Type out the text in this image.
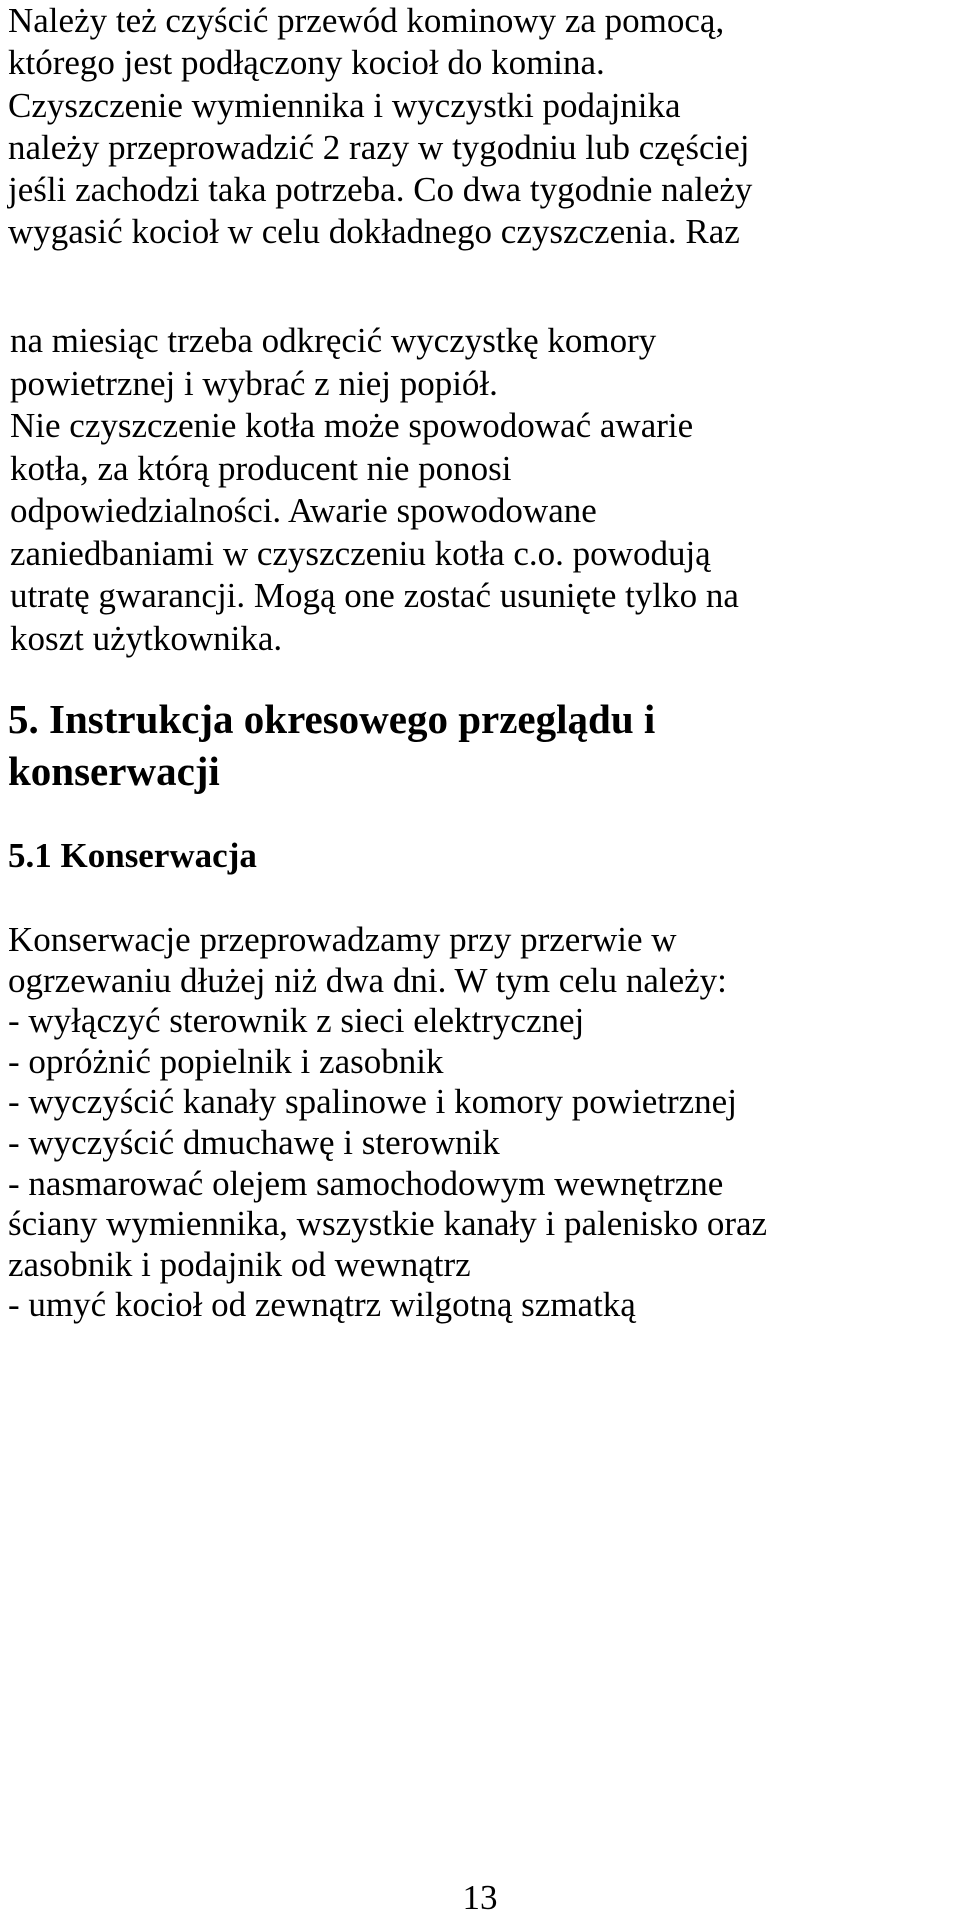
Należy też czyścić przewód kominowy za pomocą,
którego jest podłączony kocioł do komina.
Czyszczenie wymiennika i wyczystki podajnika
należy przeprowadzić 2 razy w tygodniu lub częściej
jeśli zachodzi taka potrzeba. Co dwa tygodnie należy
wygasić kocioł w celu dokładnego czyszczenia. Raz

na miesiąc trzeba odkręcić wyczystkę komory
powietrznej i wybrać z niej popiół.
Nie czyszczenie kotła może spowodować awarie
kotła, za którą producent nie ponosi
odpowiedzialności. Awarie spowodowane
zaniedbaniami w czyszczeniu kotła c.o. powodują
utratę gwarancji. Mogą one zostać usunięte tylko na
koszt użytkownika.

5. Instrukcja okresowego przeglądu i
konserwacji
5.1 Konserwacja

Konserwacje przeprowadzamy przy przerwie w
ogrzewaniu dłużej niż dwa dni. W tym celu należy:
- wyłączyć sterownik z sieci elektrycznej
- opróżnić popielnik i zasobnik
- wyczyścić kanały spalinowe i komory powietrznej
- wyczyścić dmuchawę i sterownik
- nasmarować olejem samochodowym wewnętrzne
ściany wymiennika, wszystkie kanały i palenisko oraz
zasobnik i podajnik od wewnątrz
- umyć kocioł od zewnątrz wilgotną szmatką

13
